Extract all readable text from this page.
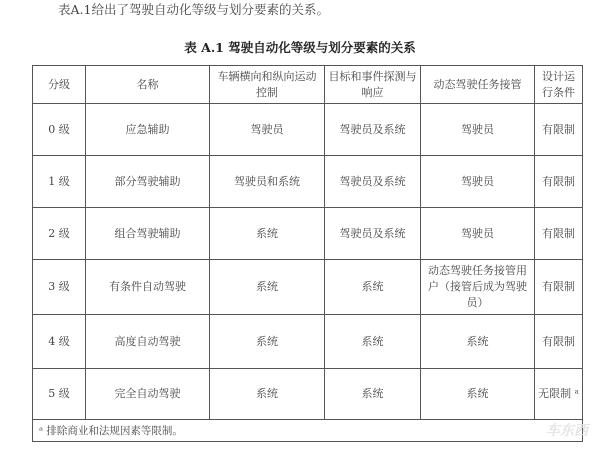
表A.1给出了驾驶自动化等级与划分要素的关系。
表 A.1 驾驶自动化等级与划分要素的关系
分级	名称	车辆横向和纵向运动控制	目标和事件探测与响应	动态驾驶任务接管	设计运行条件
0 级	应急辅助	驾驶员	驾驶员及系统	驾驶员	有限制
1 级	部分驾驶辅助	驾驶员和系统	驾驶员及系统	驾驶员	有限制
2 级	组合驾驶辅助	系统	驾驶员及系统	驾驶员	有限制
3 级	有条件自动驾驶	系统	系统	动态驾驶任务接管用户（接管后成为驾驶员）	有限制
4 级	高度自动驾驶	系统	系统	系统	有限制
5 级	完全自动驾驶	系统	系统	系统	无限制 ᵃ
ᵃ 排除商业和法规因素等限制。						车东西
